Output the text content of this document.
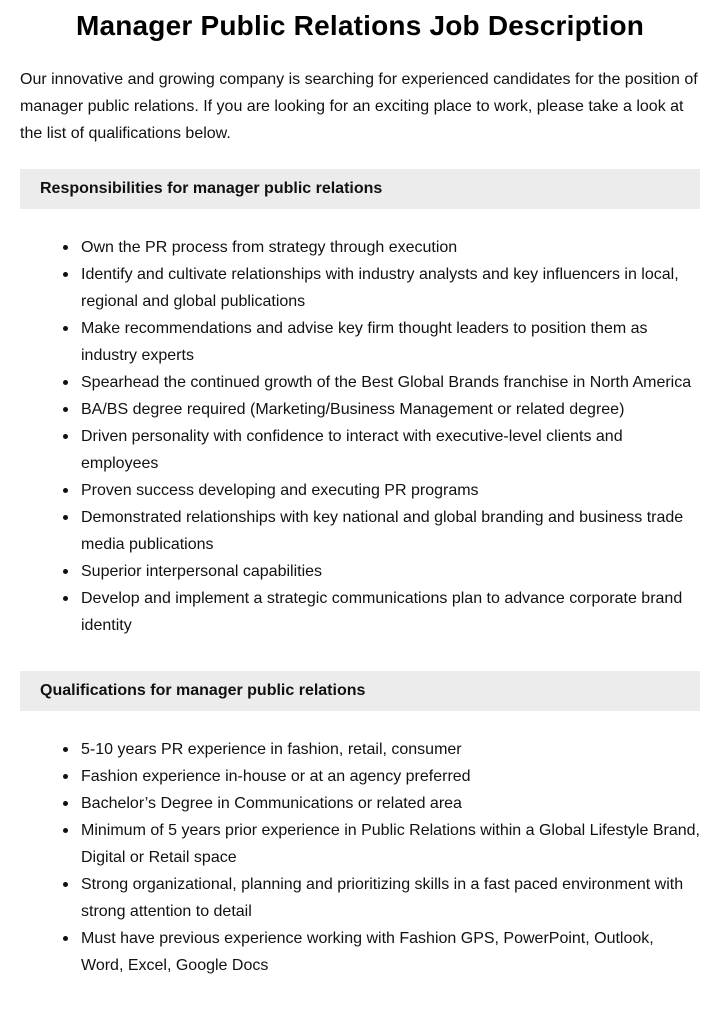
Manager Public Relations Job Description

Our innovative and growing company is searching for experienced candidates for the position of manager public relations. If you are looking for an exciting place to work, please take a look at the list of qualifications below.

Responsibilities for manager public relations
Own the PR process from strategy through execution
Identify and cultivate relationships with industry analysts and key influencers in local, regional and global publications
Make recommendations and advise key firm thought leaders to position them as industry experts
Spearhead the continued growth of the Best Global Brands franchise in North America
BA/BS degree required (Marketing/Business Management or related degree)
Driven personality with confidence to interact with executive-level clients and employees
Proven success developing and executing PR programs
Demonstrated relationships with key national and global branding and business trade media publications
Superior interpersonal capabilities
Develop and implement a strategic communications plan to advance corporate brand identity
Qualifications for manager public relations
5-10 years PR experience in fashion, retail, consumer
Fashion experience in-house or at an agency preferred
Bachelor’s Degree in Communications or related area
Minimum of 5 years prior experience in Public Relations within a Global Lifestyle Brand, Digital or Retail space
Strong organizational, planning and prioritizing skills in a fast paced environment with strong attention to detail
Must have previous experience working with Fashion GPS, PowerPoint, Outlook, Word, Excel, Google Docs
